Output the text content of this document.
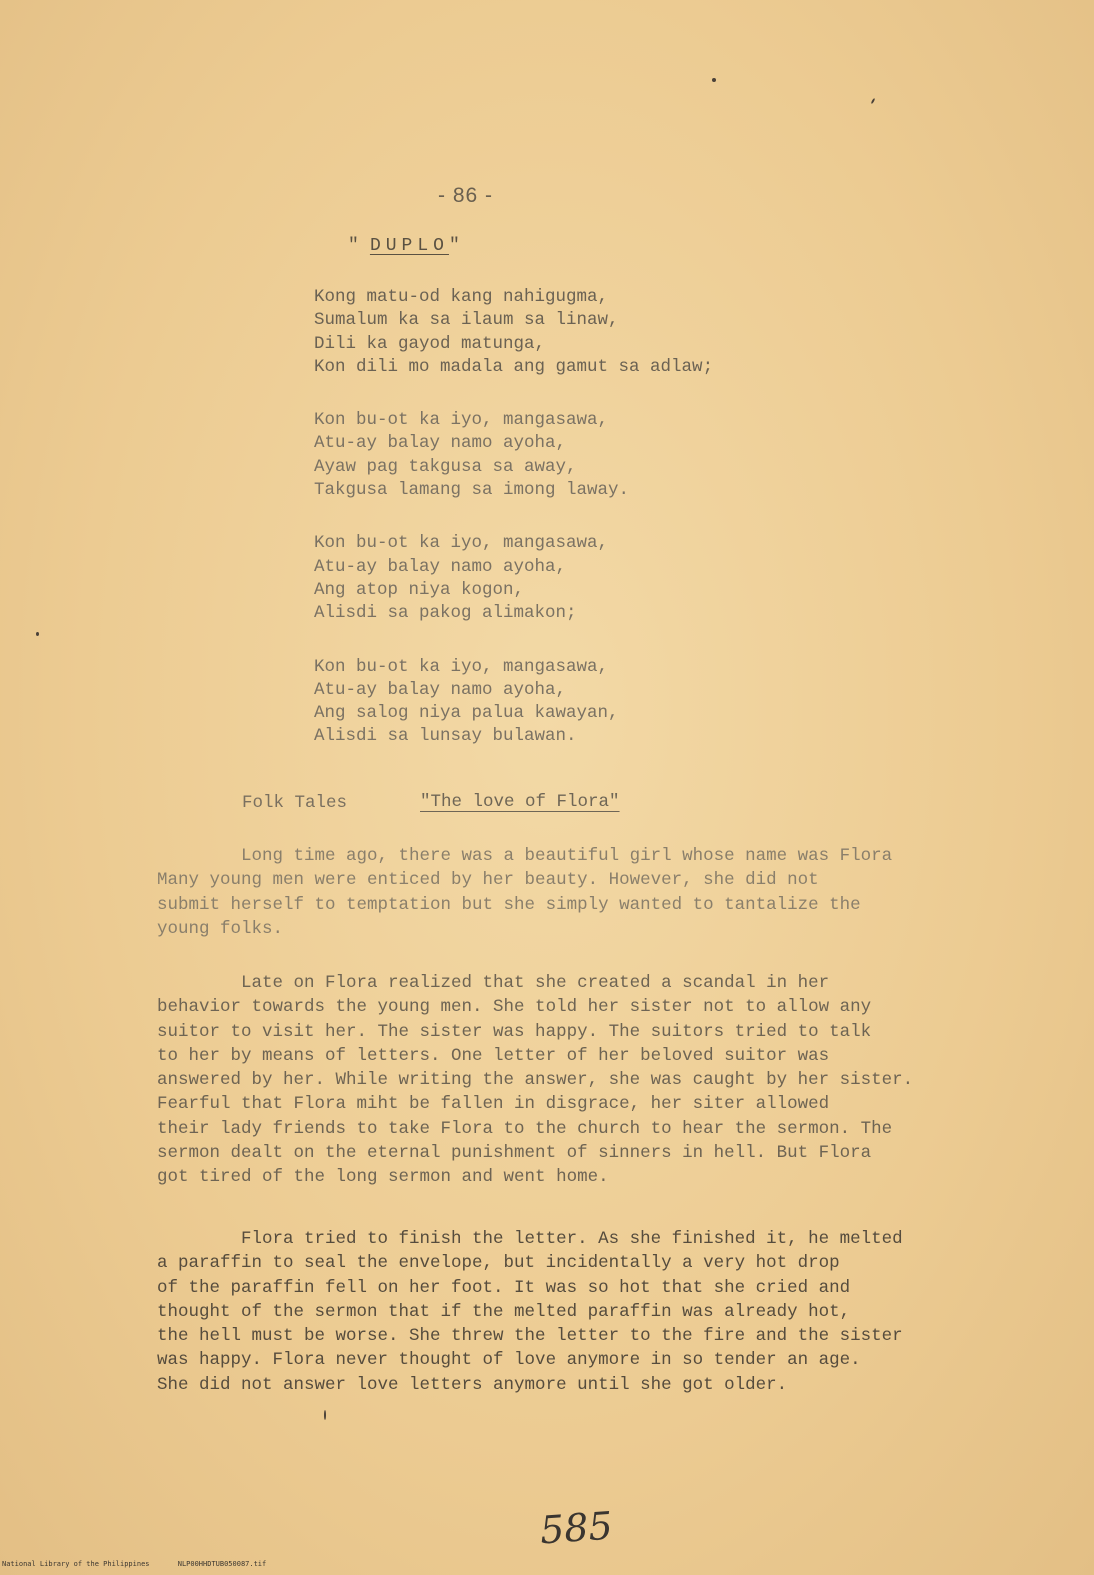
- 86 -
" DUPLO"
Kong matu-od kang nahigugma,
Sumalum ka sa ilaum sa linaw,
Dili ka gayod matunga,
Kon dili mo madala ang gamut sa adlaw;
Kon bu-ot ka iyo, mangasawa,
Atu-ay balay namo ayoha,
Ayaw pag takgusa sa away,
Takgusa lamang sa imong laway.
Kon bu-ot ka iyo, mangasawa,
Atu-ay balay namo ayoha,
Ang atop niya kogon,
Alisdi sa pakog alimakon;
Kon bu-ot ka iyo, mangasawa,
Atu-ay balay namo ayoha,
Ang salog niya palua kawayan,
Alisdi sa lunsay bulawan.
Folk Tales	"The love of Flora"
Long time ago, there was a beautiful girl whose name was Flora
Many young men were enticed by her beauty. However, she did not
submit herself to temptation but she simply wanted to tantalize the
young folks.
Late on Flora realized that she created a scandal in her
behavior towards the young men. She told her sister not to allow any
suitor to visit her. The sister was happy. The suitors tried to talk
to her by means of letters. One letter of her beloved suitor was
answered by her. While writing the answer, she was caught by her sister.
Fearful that Flora miht be fallen in disgrace, her siter allowed
their lady friends to take Flora to the church to hear the sermon. The
sermon dealt on the eternal punishment of sinners in hell. But Flora
got tired of the long sermon and went home.
Flora tried to finish the letter. As she finished it, he melted
a paraffin to seal the envelope, but incidentally a very hot drop
of the paraffin fell on her foot. It was so hot that she cried and
thought of the sermon that if the melted paraffin was already hot,
the hell must be worse. She threw the letter to the fire and the sister
was happy. Flora never thought of love anymore in so tender an age.
She did not answer love letters anymore until she got older.
585
National Library of the Philippines	NLP00HHDTUB050087.tif
